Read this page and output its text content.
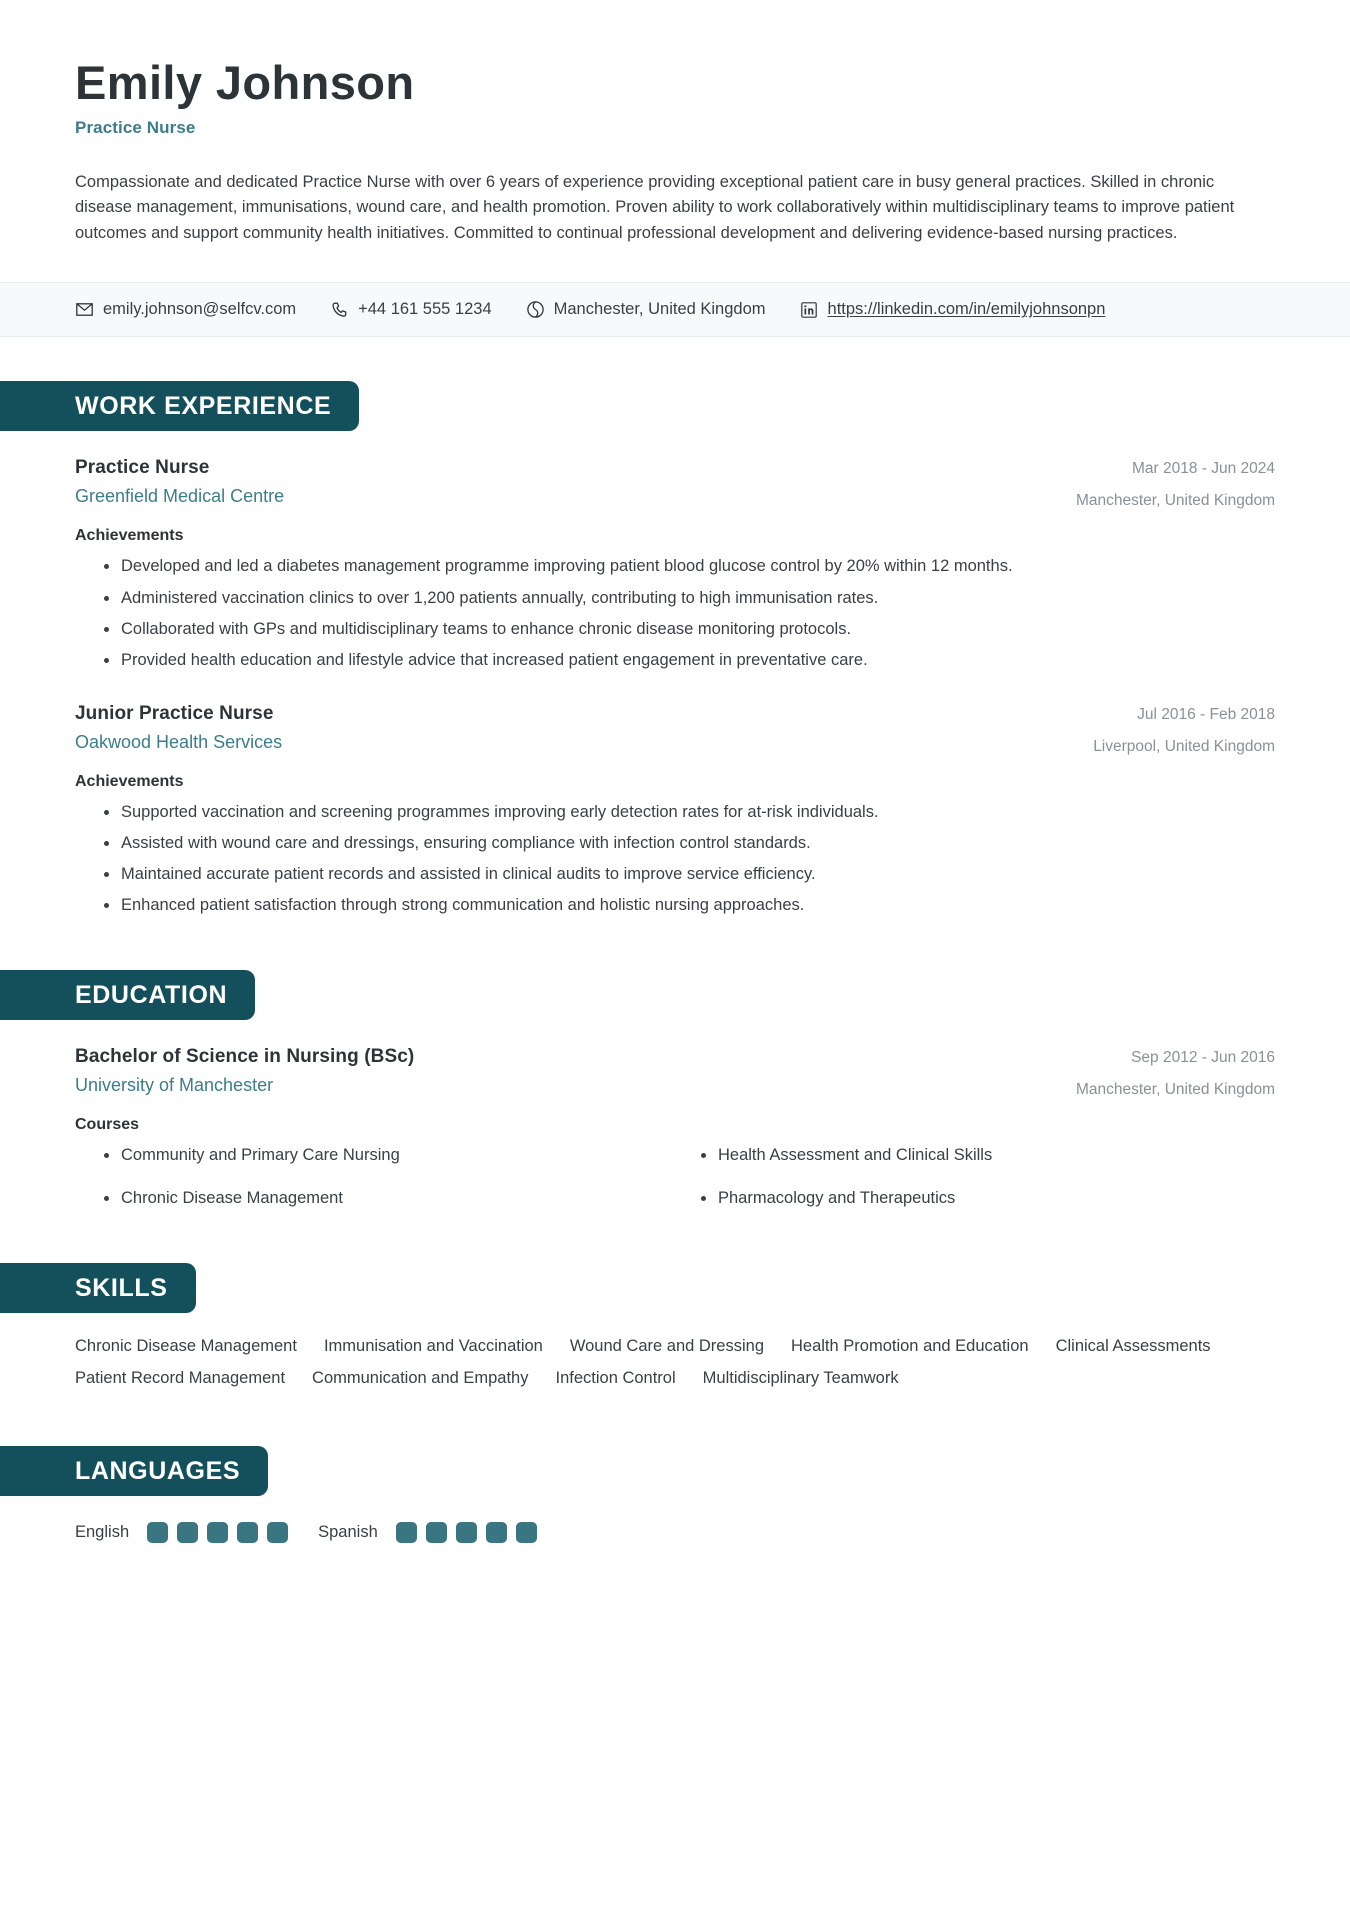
Emily Johnson
Practice Nurse
Compassionate and dedicated Practice Nurse with over 6 years of experience providing exceptional patient care in busy general practices. Skilled in chronic disease management, immunisations, wound care, and health promotion. Proven ability to work collaboratively within multidisciplinary teams to improve patient outcomes and support community health initiatives. Committed to continual professional development and delivering evidence-based nursing practices.
emily.johnson@selfcv.com	+44 161 555 1234	Manchester, United Kingdom	https://linkedin.com/in/emilyjohnsonpn
WORK EXPERIENCE
Practice Nurse
Greenfield Medical Centre
Mar 2018 - Jun 2024
Manchester, United Kingdom
Achievements
Developed and led a diabetes management programme improving patient blood glucose control by 20% within 12 months.
Administered vaccination clinics to over 1,200 patients annually, contributing to high immunisation rates.
Collaborated with GPs and multidisciplinary teams to enhance chronic disease monitoring protocols.
Provided health education and lifestyle advice that increased patient engagement in preventative care.
Junior Practice Nurse
Oakwood Health Services
Jul 2016 - Feb 2018
Liverpool, United Kingdom
Achievements
Supported vaccination and screening programmes improving early detection rates for at-risk individuals.
Assisted with wound care and dressings, ensuring compliance with infection control standards.
Maintained accurate patient records and assisted in clinical audits to improve service efficiency.
Enhanced patient satisfaction through strong communication and holistic nursing approaches.
EDUCATION
Bachelor of Science in Nursing (BSc)
University of Manchester
Sep 2012 - Jun 2016
Manchester, United Kingdom
Courses
Community and Primary Care Nursing	Health Assessment and Clinical Skills
Chronic Disease Management	Pharmacology and Therapeutics
SKILLS
Chronic Disease Management Immunisation and Vaccination Wound Care and Dressing Health Promotion and Education Clinical Assessments
Patient Record Management Communication and Empathy Infection Control Multidisciplinary Teamwork
LANGUAGES
English	Spanish
